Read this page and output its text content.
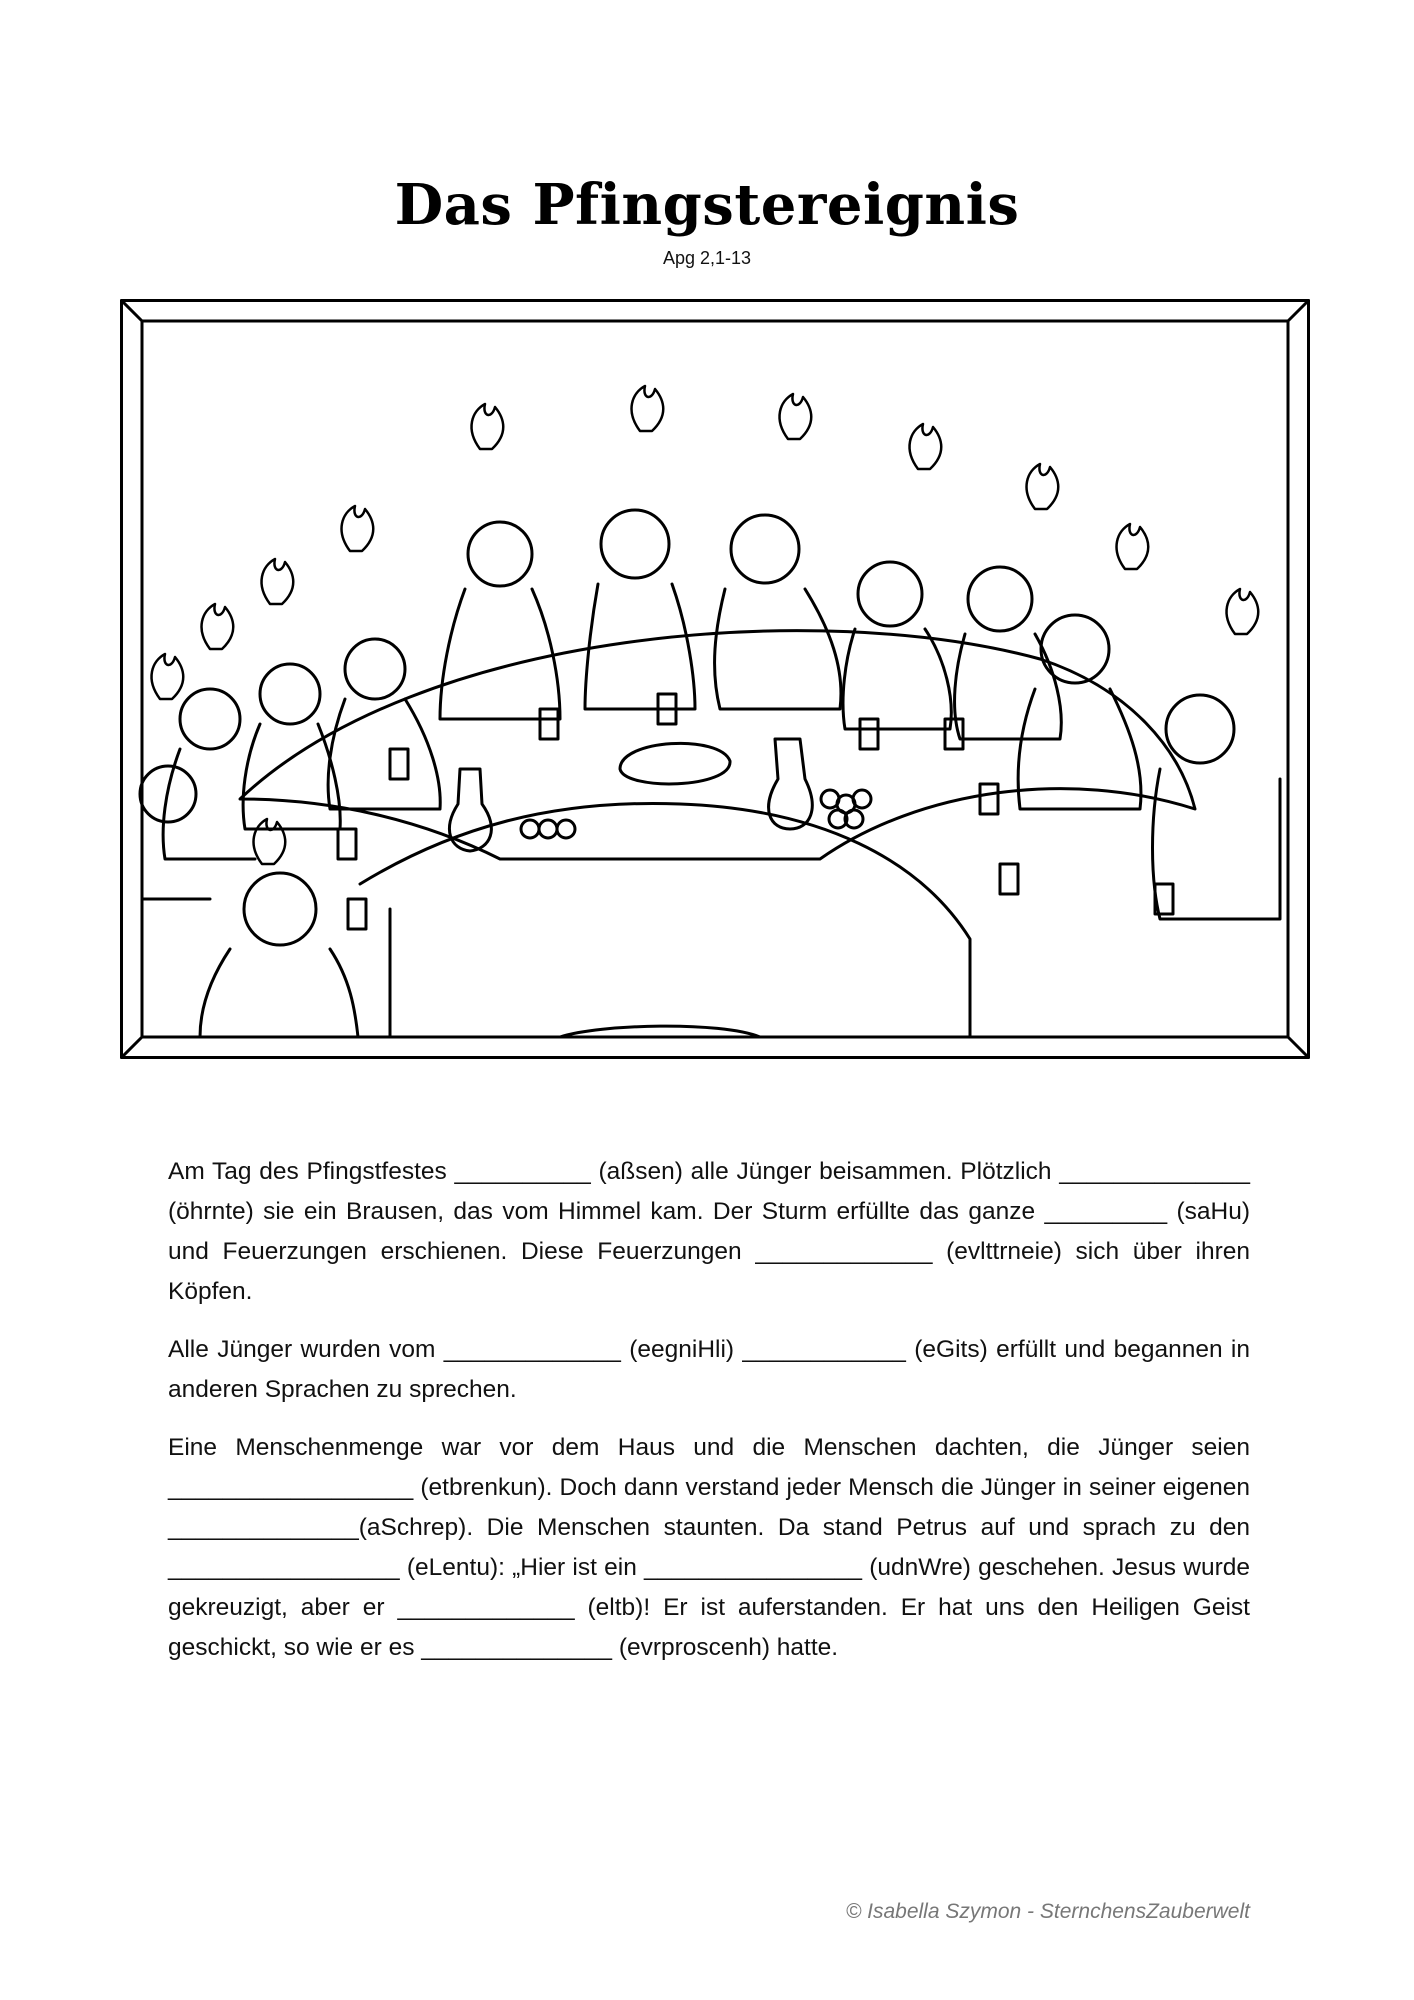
Das Pfingstereignis
Apg 2,1-13

Am Tag des Pfingstfestes __________ (aßsen) alle Jünger beisammen. Plötzlich ______________ (öhrnte) sie ein Brausen, das vom Himmel kam. Der Sturm erfüllte das ganze _________ (saHu) und Feuerzungen erschienen. Diese Feuerzungen _____________ (evlttrneie) sich über ihren Köpfen.

Alle Jünger wurden vom _____________ (eegniHli) ____________ (eGits) erfüllt und begannen in anderen Sprachen zu sprechen.

Eine Menschenmenge war vor dem Haus und die Menschen dachten, die Jünger seien __________________ (etbrenkun). Doch dann verstand jeder Mensch die Jünger in seiner eigenen ______________(aSchrep). Die Menschen staunten. Da stand Petrus auf und sprach zu den _________________ (eLentu): „Hier ist ein ________________ (udnWre) geschehen. Jesus wurde gekreuzigt, aber er _____________ (eltb)! Er ist auferstanden. Er hat uns den Heiligen Geist geschickt, so wie er es ______________ (evrproscenh) hatte.

© Isabella Szymon - SternchensZauberwelt
